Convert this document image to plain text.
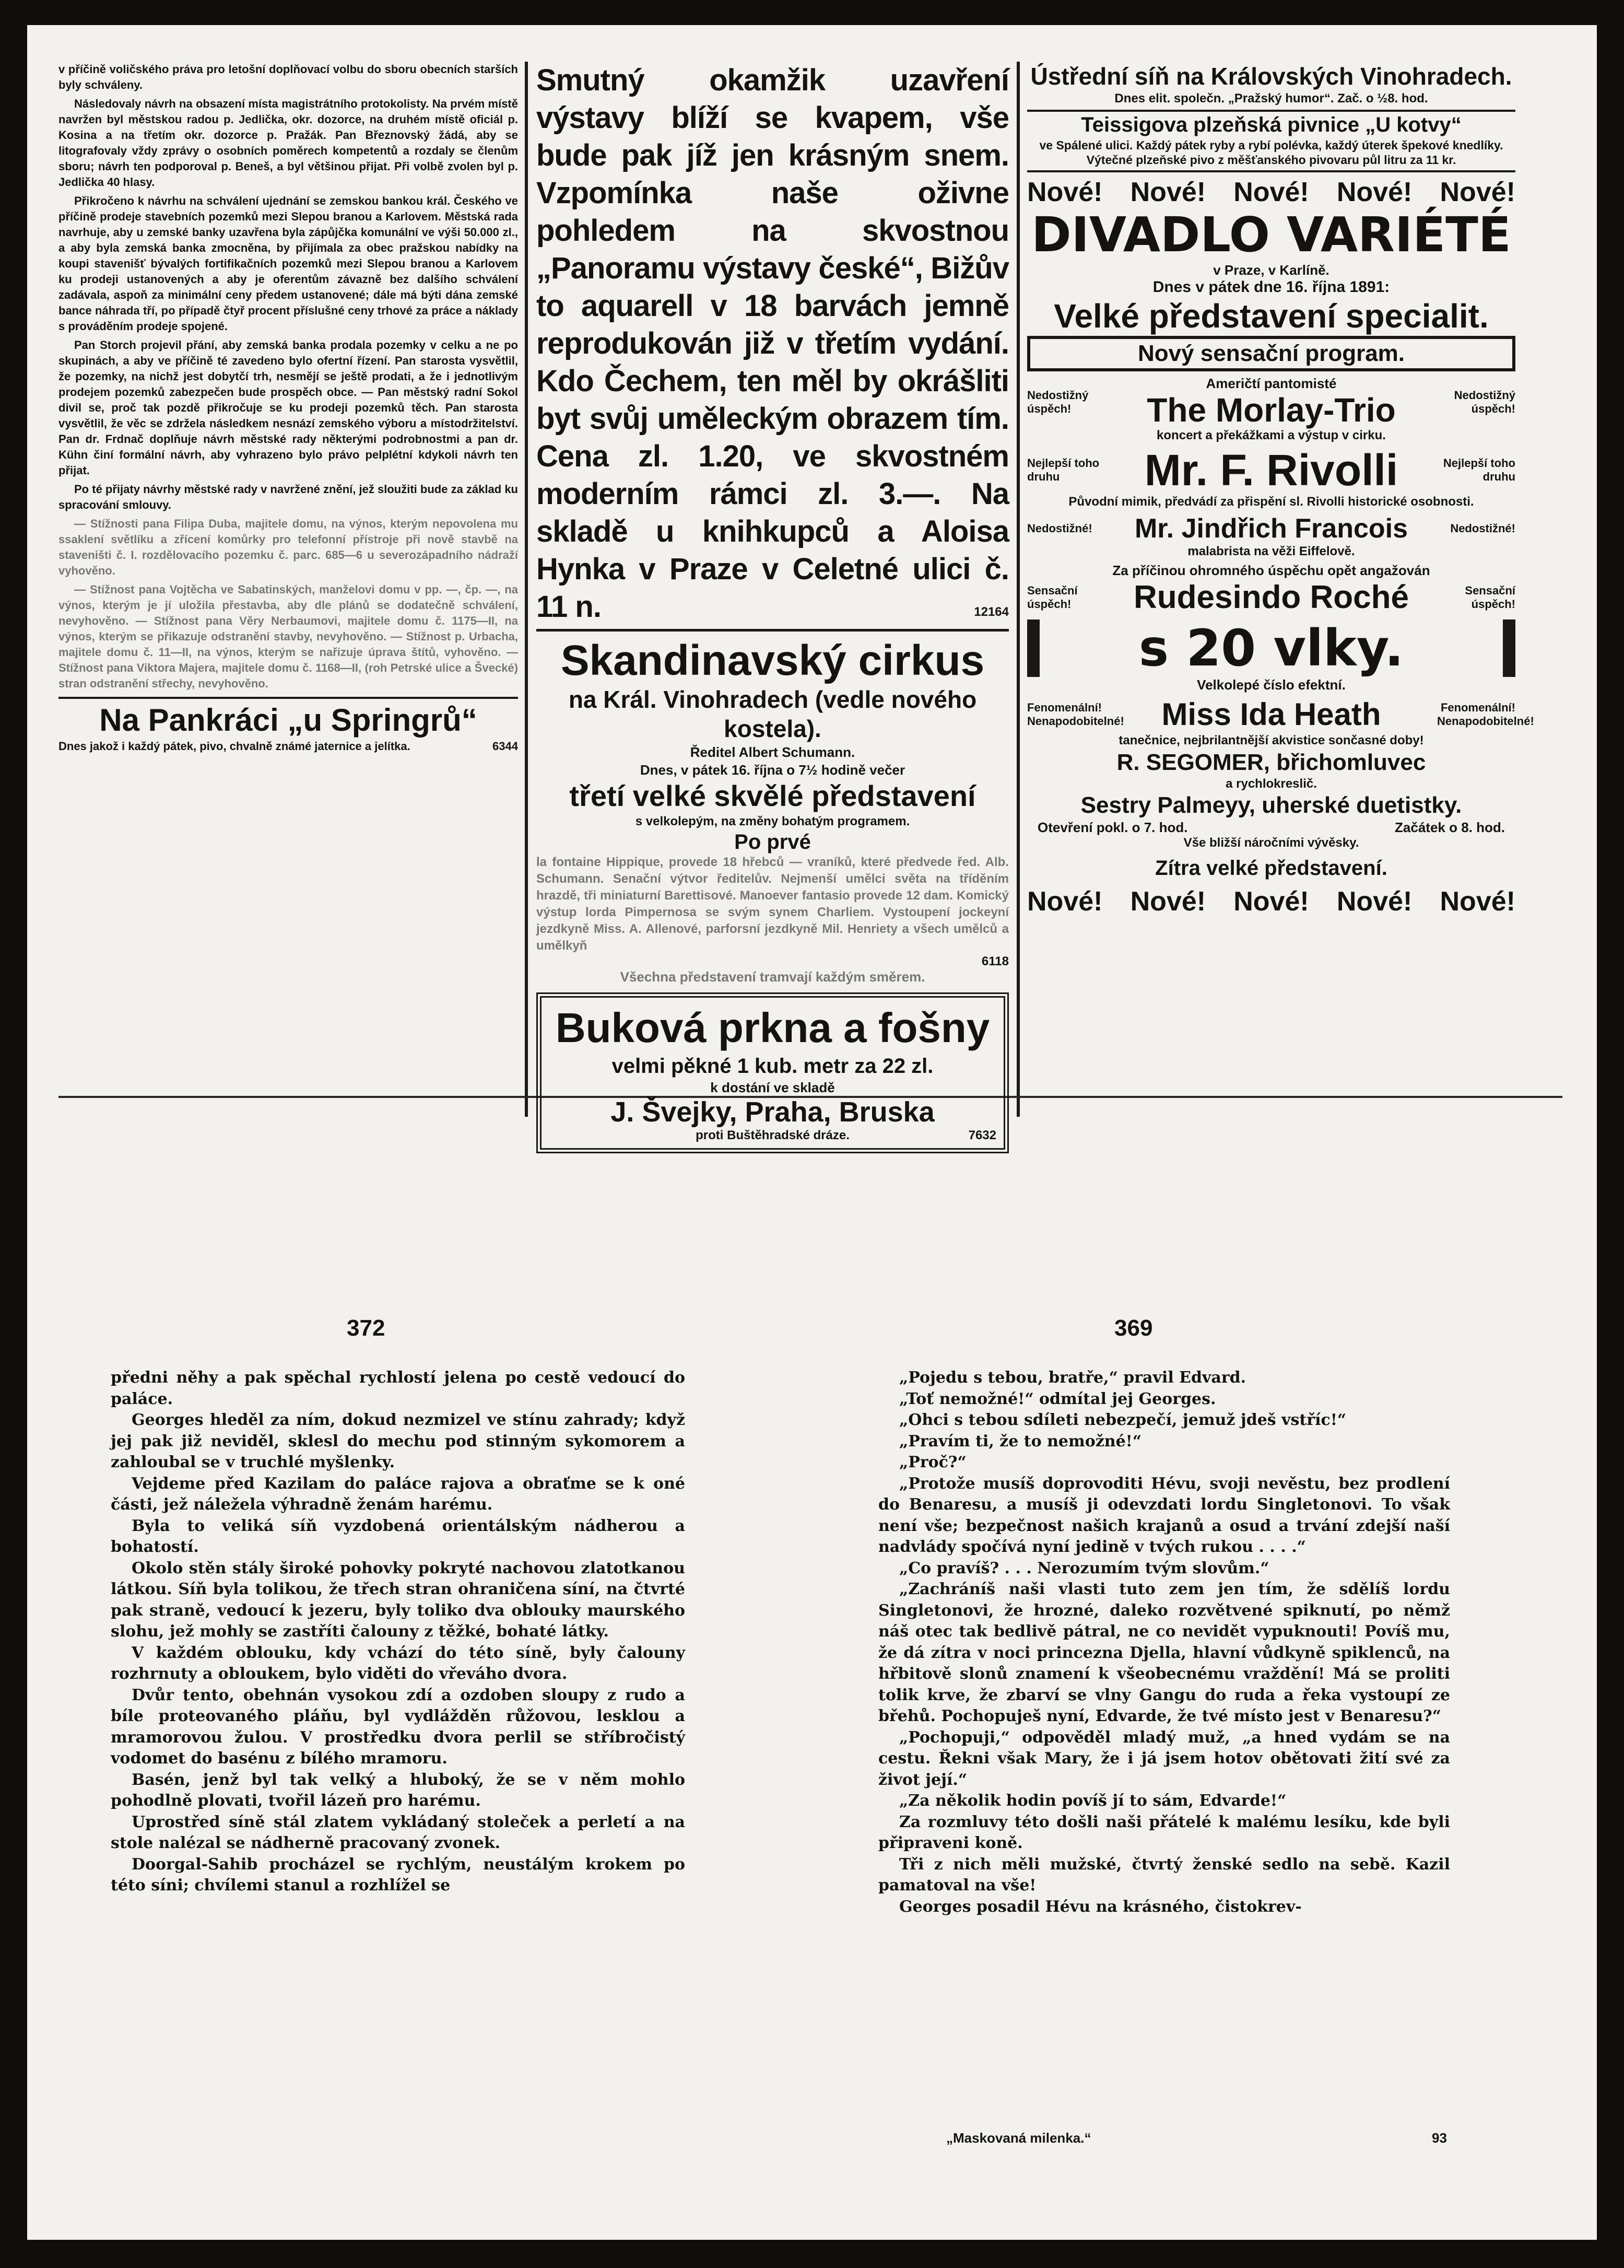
v příčině voličského práva pro letošní doplňovací volbu do sboru obecních starších byly schváleny.

Následovaly návrh na obsazení místa magistrátního protokolisty. Na prvém místě navržen byl městskou radou p. Jedlička, okr. dozorce, na druhém místě oficiál p. Kosina a na třetím okr. dozorce p. Pražák. Pan Březnovský žádá, aby se litografovaly vždy zprávy o osobních poměrech kompetentů a rozdaly se členům sboru; návrh ten podporoval p. Beneš, a byl většinou přijat. Při volbě zvolen byl p. Jedlička 40 hlasy.

Přikročeno k návrhu na schválení ujednání se zemskou bankou král. Českého ve příčině prodeje stavebních pozemků mezi Slepou branou a Karlovem. Městská rada navrhuje, aby u zemské banky uzavřena byla zápůjčka komunální ve výši 50.000 zl., a aby byla zemská banka zmocněna, by přijímala za obec pražskou nabídky na koupi stavenišť bývalých fortifikačních pozemků mezi Slepou branou a Karlovem ku prodeji ustanovených a aby je oferentům závazně bez dalšího schválení zadávala, aspoň za minimální ceny předem ustanovené; dále má býti dána zemské bance náhrada tří, po případě čtyř procent příslušné ceny trhové za práce a náklady s prováděním prodeje spojené.

Pan Storch projevil přání, aby zemská banka prodala pozemky v celku a ne po skupinách, a aby ve příčině té zavedeno bylo ofertní řízení. Pan starosta vysvětlil, že pozemky, na nichž jest dobytčí trh, nesmějí se ještě prodati, a že i jednotlivým prodejem pozemků zabezpečen bude prospěch obce. — Pan městský radní Sokol divil se, proč tak pozdě přikročuje se ku prodeji pozemků těch. Pan starosta vysvětlil, že věc se zdržela následkem nesnází zemského výboru a místodržitelství. Pan dr. Frdnač doplňuje návrh městské rady některými podrobnostmi a pan dr. Kühn činí formální návrh, aby vyhrazeno bylo právo pelplétní kdykoli návrh ten přijat.

Po té přijaty návrhy městské rady v navržené znění, jež sloužiti bude za základ ku spracování smlouvy.

— Stížnosti pana Filipa Duba, majitele domu, na výnos, kterým nepovolena mu ssaklení světlíku a zřícení komůrky pro telefonní přístroje při nově stavbě na staveništi č. I. rozdělovacího pozemku č. parc. 685—6 u severozápadního nádraží vyhověno.

— Stížnost pana Vojtěcha ve Sabatinských, manželovi domu v pp. —, čp. —, na výnos, kterým je jí uložila přestavba, aby dle plánů se dodatečně schválení, nevyhověno. — Stížnost pana Věry Nerbaumovi, majitele domu č. 1175—II, na výnos, kterým se přikazuje odstranění stavby, nevyhověno. — Stížnost p. Urbacha, majitele domu č. 11—II, na výnos, kterým se nařizuje úprava štítů, vyhověno. — Stížnost pana Viktora Majera, majitele domu č. 1168—II, (roh Petrské ulice a Švecké) stran odstranění střechy, nevyhověno.

Na Pankráci „u Springrů“
Dnes jakož i každý pátek, pivo, chvalně známé jaternice a jelítka.	6344
Smutný okamžik uzavření výstavy blíží se kvapem, vše bude pak jíž jen krásným snem. Vzpomínka naše oživne pohledem na skvostnou „Panoramu výstavy české“, Bižův to aquarell v 18 barvách jemně reprodukován již v třetím vydání. Kdo Čechem, ten měl by okrášliti byt svůj uměleckým obrazem tím. Cena zl. 1.20, ve skvostném moderním rámci zl. 3.—. Na skladě u knihkupců a Aloisa Hynka v Praze v Celetné ulici č. 11 n.	12164
Skandinavský cirkus
na Král. Vinohradech (vedle nového kostela).
Ředitel Albert Schumann.
Dnes, v pátek 16. října o 7½ hodině večer
třetí velké skvělé představení
s velkolepým, na změny bohatým programem.
Po prvé
la fontaine Hippique, provede 18 hřebců — vraníků, které předvede řed. Alb. Schumann. Senační výtvor ředitelův. Nejmenší umělci světa na tříděním hrazdě, tři miniaturní Barettisové. Manoever fantasio provede 12 dam. Komický výstup lorda Pimpernosa se svým synem Charliem. Vystoupení jockeyní jezdkyně Miss. A. Allenové, parforsní jezdkyně Mil. Henriety a všech umělců a umělkyň
6118
Všechna představení tramvají každým směrem.
Buková prkna a fošny
velmi pěkné 1 kub. metr za 22 zl.
k dostání ve skladě
J. Švejky, Praha, Bruska
proti Buštěhradské dráze.	7632
Ústřední síň na Královských Vinohradech.
Dnes elit. společn. „Pražský humor“. Zač. o ½8. hod.
Teissigova plzeňská pivnice „U kotvy“
ve Spálené ulici. Každý pátek ryby a rybí polévka, každý úterek špekové knedlíky. Výtečné plzeňské pivo z měšťanského pivovaru půl litru za 11 kr.
Nové! Nové! Nové! Nové! Nové!
DIVADLO VARIÉTÉ
v Praze, v Karlíně.
Dnes v pátek dne 16. října 1891:
Velké představení specialit.
Nový sensační program.
Nedostižný úspěch!
Američtí pantomisté
The Morlay-Trio	Nedostižný úspěch!
koncert a překážkami a výstup v cirku.
Nejlepší toho druhu	Mr. F. Rivolli	Nejlepší toho druhu
Původní mimik, předvádí za přispění sl. Rivolli historické osobnosti.
Nedostižné!	Mr. Jindřich Francois	Nedostižné!
malabrista na věži Eiffelově.
Za příčinou ohromného úspěchu opět angažován
Sensační úspěch!	Rudesindo Roché	Sensační úspěch!
s 20 vlky.
Velkolepé číslo efektní.
Fenomenální! Nenapodobitelné!	Miss Ida Heath	Fenomenální! Nenapodobitelné!
tanečnice, nejbrilantnější akvistice sončasné doby!
R. SEGOMER, břichomluvec
a rychlokreslič.
Sestry Palmeyy, uherské duetistky.
Otevření pokl. o 7. hod.	Začátek o 8. hod.
Vše bližší náročními vývěsky.
Zítra velké představení.
Nové! Nové! Nové! Nové! Nové!
372	369

předni něhy a pak spěchal rychlostí jelena po cestě vedoucí do paláce.

Georges hleděl za ním, dokud nezmizel ve stínu zahrady; když jej pak již neviděl, sklesl do mechu pod stinným sykomorem a zahloubal se v truchlé myšlenky.

Vejdeme před Kazilam do paláce rajova a obraťme se k oné části, jež náležela výhradně ženám harému.

Byla to veliká síň vyzdobená orientálským nádherou a bohatostí.

Okolo stěn stály široké pohovky pokryté nachovou zlatotkanou látkou. Síň byla tolikou, že třech stran ohraničena síní, na čtvrté pak straně, vedoucí k jezeru, byly toliko dva oblouky maurského slohu, jež mohly se zastříti čalouny z těžké, bohaté látky.

V každém oblouku, kdy vchází do této síně, byly čalouny rozhrnuty a obloukem, bylo viděti do vřeváho dvora.

Dvůr tento, obehnán vysokou zdí a ozdoben sloupy z rudo a bíle proteovaného pláňu, byl vydlážděn růžovou, lesklou a mramorovou žulou. V prostředku dvora perlil se stříbročistý vodomet do basénu z bílého mramoru.

Basén, jenž byl tak velký a hluboký, že se v něm mohlo pohodlně plovati, tvořil lázeň pro harému.

Uprostřed síně stál zlatem vykládaný stoleček a perletí a na stole nalézal se nádherně pracovaný zvonek.

Doorgal-Sahib procházel se rychlým, neustálým krokem po této síni; chvílemi stanul a rozhlížel se

„Pojedu s tebou, bratře,“ pravil Edvard.

„Toť nemožné!“ odmítal jej Georges.

„Ohci s tebou sdíleti nebezpečí, jemuž jdeš vstříc!“

„Pravím ti, že to nemožné!“

„Proč?“

„Protože musíš doprovoditi Hévu, svoji nevěstu, bez prodlení do Benaresu, a musíš ji odevzdati lordu Singletonovi. To však není vše; bezpečnost našich krajanů a osud a trvání zdejší naší nadvlády spočívá nyní jedině v tvých rukou . . . .“

„Co pravíš? . . . Nerozumím tvým slovům.“

„Zachráníš naši vlasti tuto zem jen tím, že sdělíš lordu Singletonovi, že hrozné, daleko rozvětvené spiknutí, po němž náš otec tak bedlivě pátral, ne co nevidět vypuknouti! Povíš mu, že dá zítra v noci princezna Djella, hlavní vůdkyně spiklenců, na hřbitově slonů znamení k všeobecnému vraždění! Má se proliti tolik krve, že zbarví se vlny Gangu do ruda a řeka vystoupí ze břehů. Pochopuješ nyní, Edvarde, že tvé místo jest v Benaresu?“

„Pochopuji,“ odpověděl mladý muž, „a hned vydám se na cestu. Řekni však Mary, že i já jsem hotov obětovati žití své za život její.“

„Za několik hodin povíš jí to sám, Edvarde!“

Za rozmluvy této došli naši přátelé k malému lesíku, kde byli připraveni koně.

Tři z nich měli mužské, čtvrtý ženské sedlo na sebě. Kazil pamatoval na vše!

Georges posadil Hévu na krásného, čistokrev-

„Maskovaná milenka.“	93
